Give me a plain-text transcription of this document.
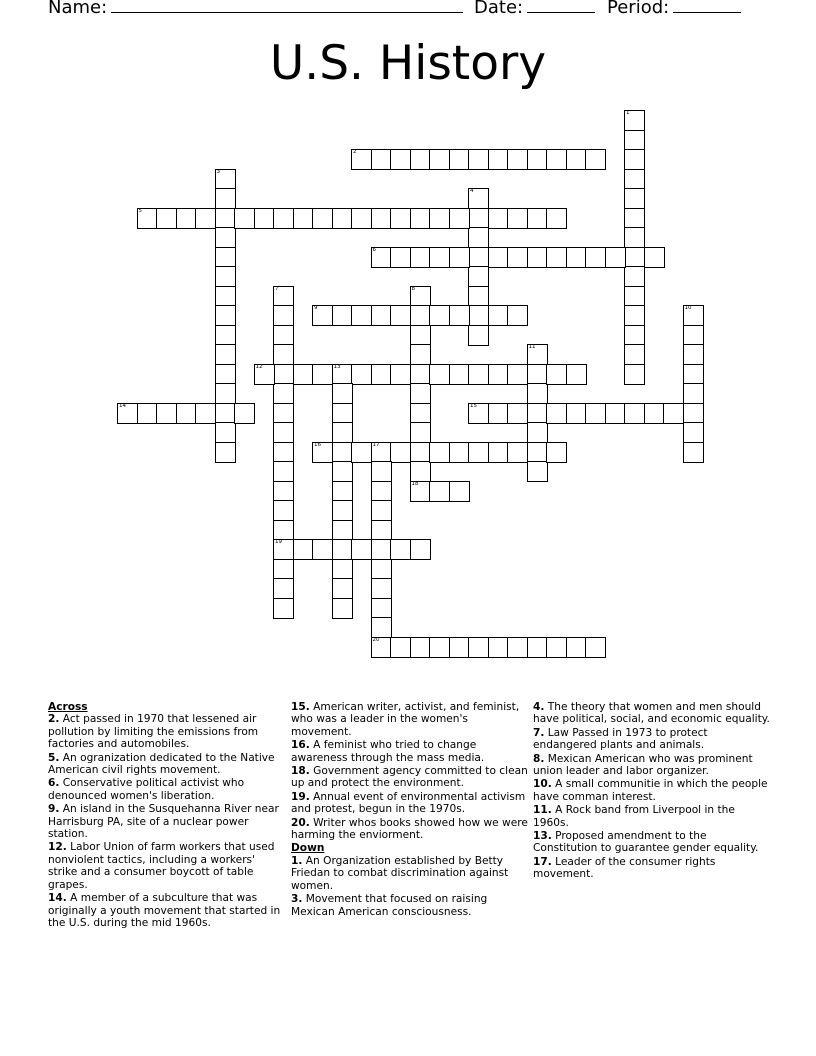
Name:	Date:	Period:
U.S. History
1
2
3
4
5
6
7
19
8
18
9	10
11
12	13
14	15
16	17
20
Across
2. Act passed in 1970 that lessened air pollution by limiting the emissions from factories and automobiles.
5. An ogranization dedicated to the Native American civil rights movement.
6. Conservative political activist who denounced women's liberation.
9. An island in the Susquehanna River near Harrisburg PA, site of a nuclear power station.
12. Labor Union of farm workers that used nonviolent tactics, including a workers' strike and a consumer boycott of table grapes.
14. A member of a subculture that was originally a youth movement that started in the U.S. during the mid 1960s.
15. American writer, activist, and feminist, who was a leader in the women's movement.
16. A feminist who tried to change awareness through the mass media.
18. Government agency committed to clean up and protect the environment.
19. Annual event of environmental activism and protest, begun in the 1970s.
20. Writer whos books showed how we were harming the enviorment.
Down
1. An Organization established by Betty Friedan to combat discrimination against women.
3. Movement that focused on raising Mexican American consciousness.
4. The theory that women and men should have political, social, and economic equality.
7. Law Passed in 1973 to protect endangered plants and animals.
8. Mexican American who was prominent union leader and labor organizer.
10. A small communitie in which the people have comman interest.
11. A Rock band from Liverpool in the 1960s.
13. Proposed amendment to the Constitution to guarantee gender equality.
17. Leader of the consumer rights movement.
